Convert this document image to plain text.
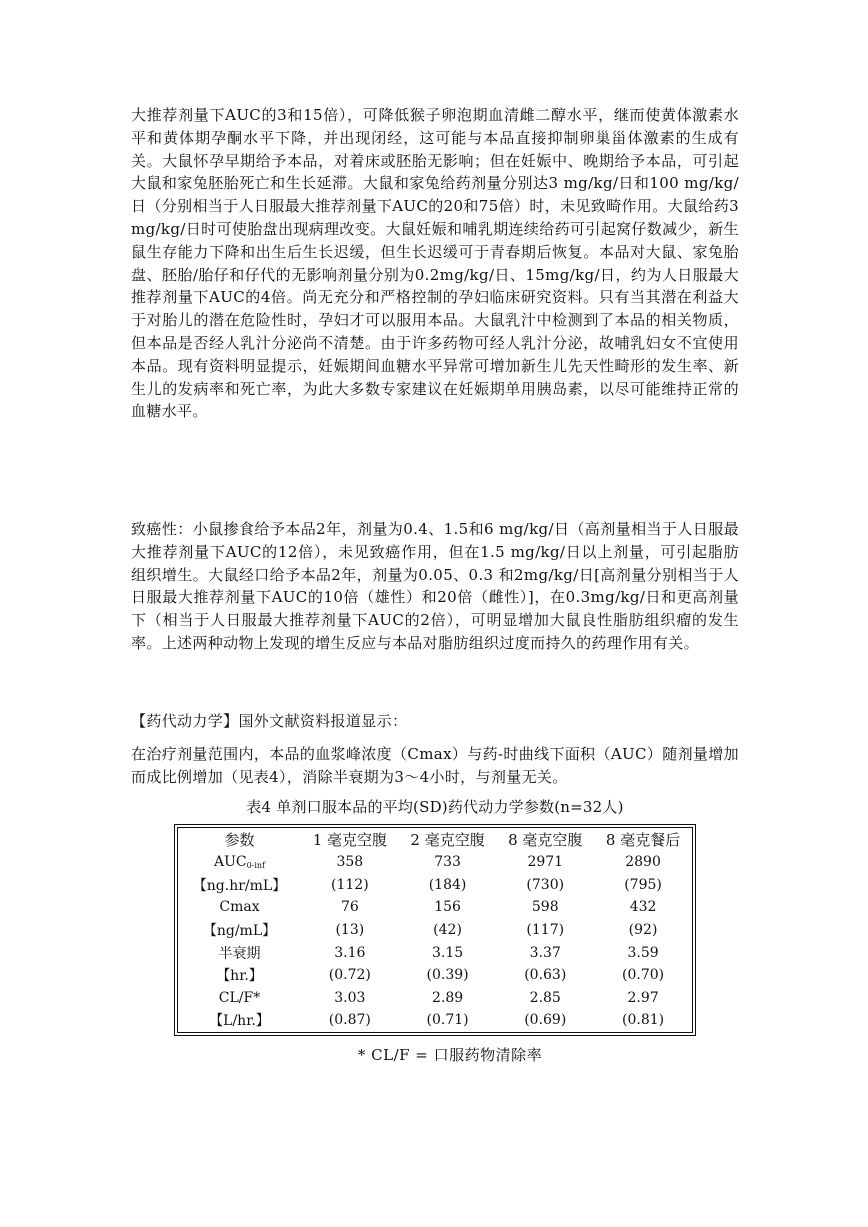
大推荐剂量下AUC的3和15倍），可降低猴子卵泡期血清雌二醇水平，继而使黄体激素水平和黄体期孕酮水平下降，并出现闭经，这可能与本品直接抑制卵巢甾体激素的生成有关。大鼠怀孕早期给予本品，对着床或胚胎无影响；但在妊娠中、晚期给予本品，可引起大鼠和家兔胚胎死亡和生长延滞。大鼠和家兔给药剂量分别达3 mg/kg/日和100 mg/kg/日（分别相当于人日服最大推荐剂量下AUC的20和75倍）时，未见致畸作用。大鼠给药3 mg/kg/日时可使胎盘出现病理改变。大鼠妊娠和哺乳期连续给药可引起窝仔数减少，新生鼠生存能力下降和出生后生长迟缓，但生长迟缓可于青春期后恢复。本品对大鼠、家兔胎盘、胚胎/胎仔和仔代的无影响剂量分别为0.2mg/kg/日、15mg/kg/日，约为人日服最大推荐剂量下AUC的4倍。尚无充分和严格控制的孕妇临床研究资料。只有当其潜在利益大于对胎儿的潜在危险性时，孕妇才可以服用本品。大鼠乳汁中检测到了本品的相关物质，但本品是否经人乳汁分泌尚不清楚。由于许多药物可经人乳汁分泌，故哺乳妇女不宜使用本品。现有资料明显提示，妊娠期间血糖水平异常可增加新生儿先天性畸形的发生率、新生儿的发病率和死亡率，为此大多数专家建议在妊娠期单用胰岛素，以尽可能维持正常的血糖水平。

致癌性：小鼠掺食给予本品2年，剂量为0.4、1.5和6 mg/kg/日（高剂量相当于人日服最大推荐剂量下AUC的12倍），未见致癌作用，但在1.5 mg/kg/日以上剂量，可引起脂肪组织增生。大鼠经口给予本品2年，剂量为0.05、0.3 和2mg/kg/日[高剂量分别相当于人日服最大推荐剂量下AUC的10倍（雄性）和20倍（雌性）]，在0.3mg/kg/日和更高剂量下（相当于人日服最大推荐剂量下AUC的2倍），可明显增加大鼠良性脂肪组织瘤的发生率。上述两种动物上发现的增生反应与本品对脂肪组织过度而持久的药理作用有关。

【药代动力学】国外文献资料报道显示：

在治疗剂量范围内，本品的血浆峰浓度（Cmax）与药-时曲线下面积（AUC）随剂量增加而成比例增加（见表4），消除半衰期为3～4小时，与剂量无关。

表4 单剂口服本品的平均(SD)药代动力学参数(n=32人)

参数	1 毫克空腹	2 毫克空腹	8 毫克空腹	8 毫克餐后
$AUC_{0-inf}$	358	733	2971	2890
【ng.hr/mL】	(112)	(184)	(730)	(795)
Cmax	76	156	598	432
【ng/mL】	(13)	(42)	(117)	(92)
半衰期	3.16	3.15	3.37	3.59
【hr.】	(0.72)	(0.39)	(0.63)	(0.70)
CL/F*	3.03	2.89	2.85	2.97
【L/hr.】	(0.87)	(0.71)	(0.69)	(0.81)

* CL/F = 口服药物清除率
